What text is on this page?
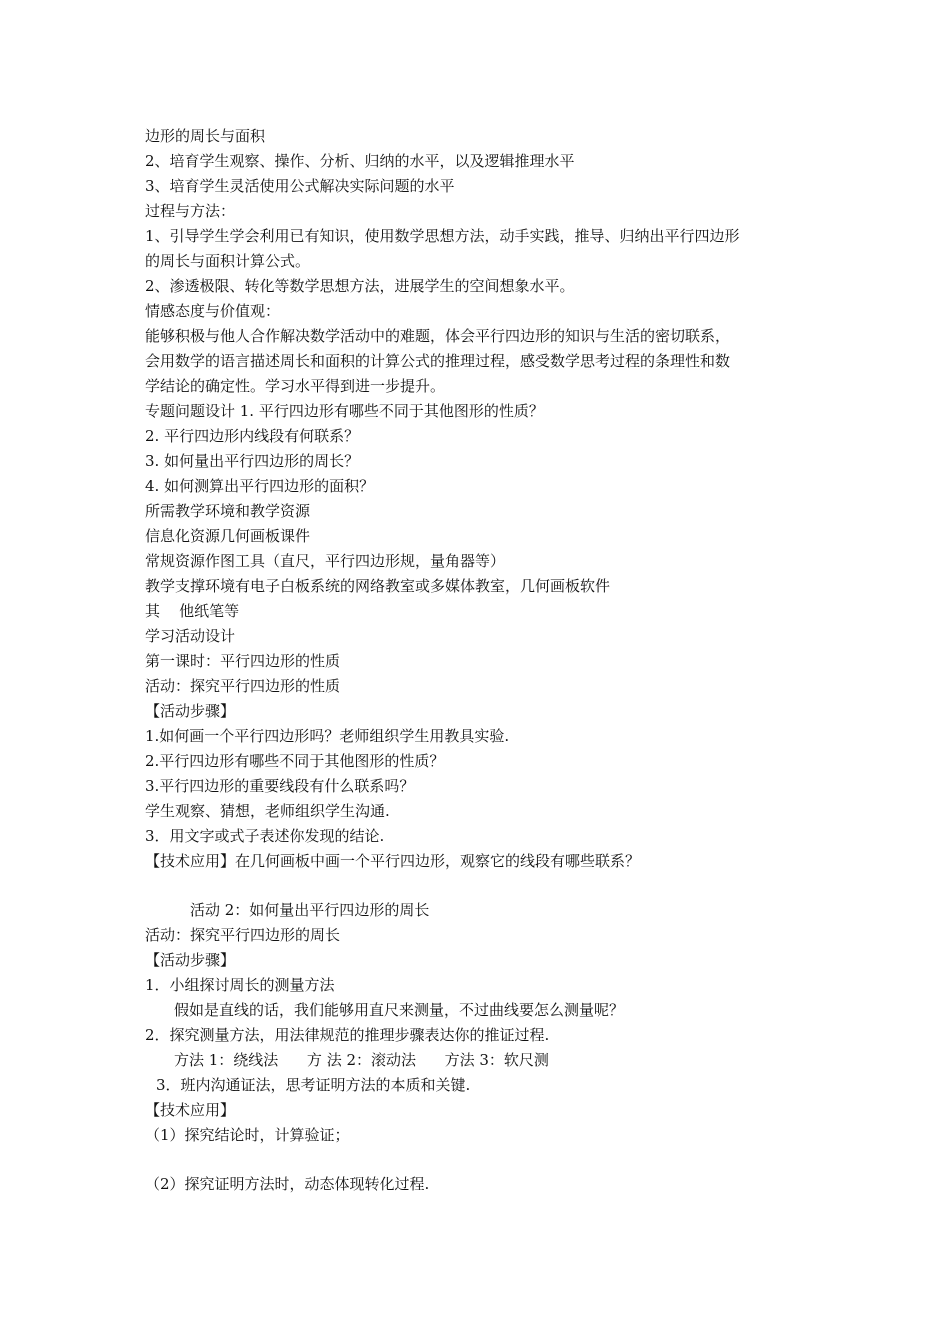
边形的周长与面积
2、培育学生观察、操作、分析、归纳的水平，以及逻辑推理水平
3、培育学生灵活使用公式解决实际问题的水平
过程与方法：
1、引导学生学会利用已有知识，使用数学思想方法，动手实践，推导、归纳出平行四边形
的周长与面积计算公式。
2、渗透极限、转化等数学思想方法，进展学生的空间想象水平。
情感态度与价值观：
能够积极与他人合作解决数学活动中的难题，体会平行四边形的知识与生活的密切联系，
会用数学的语言描述周长和面积的计算公式的推理过程，感受数学思考过程的条理性和数
学结论的确定性。学习水平得到进一步提升。
专题问题设计 1. 平行四边形有哪些不同于其他图形的性质？
2. 平行四边形内线段有何联系？
3. 如何量出平行四边形的周长？
4. 如何测算出平行四边形的面积？
所需教学环境和教学资源
信息化资源几何画板课件
常规资源作图工具（直尺，平行四边形规，量角器等）
教学支撑环境有电子白板系统的网络教室或多媒体教室，几何画板软件
其    他纸笔等
学习活动设计
第一课时：平行四边形的性质
活动：探究平行四边形的性质
【活动步骤】
1.如何画一个平行四边形吗？老师组织学生用教具实验.
2.平行四边形有哪些不同于其他图形的性质？
3.平行四边形的重要线段有什么联系吗？
学生观察、猜想，老师组织学生沟通.
3．用文字或式子表述你发现的结论.
【技术应用】在几何画板中画一个平行四边形，观察它的线段有哪些联系？
活动 2：如何量出平行四边形的周长
活动：探究平行四边形的周长
【活动步骤】
1．小组探讨周长的测量方法
假如是直线的话，我们能够用直尺来测量，不过曲线要怎么测量呢？
2．探究测量方法，用法律规范的推理步骤表达你的推证过程.
方法 1：绕线法      方 法 2：滚动法      方法 3：软尺测
3．班内沟通证法，思考证明方法的本质和关键.
【技术应用】
（1）探究结论时，计算验证；
（2）探究证明方法时，动态体现转化过程.
